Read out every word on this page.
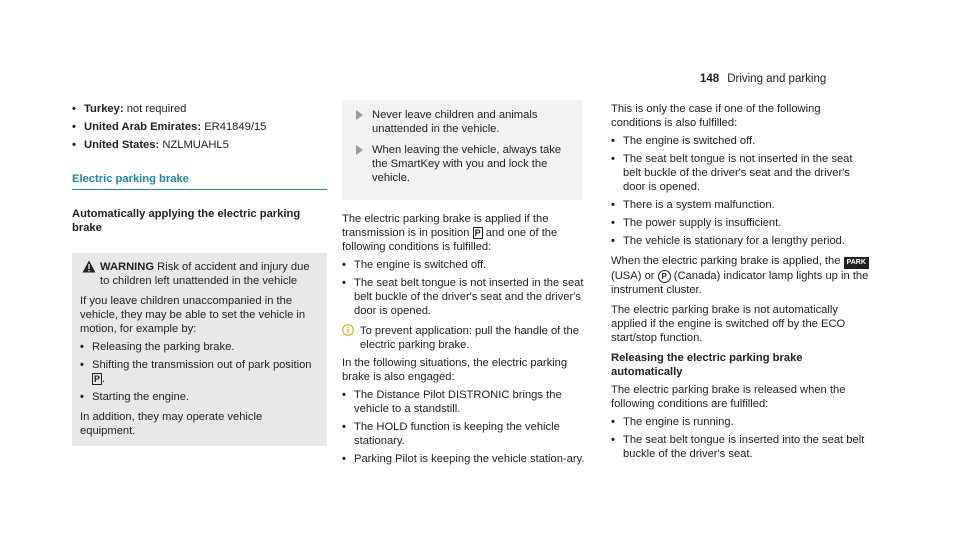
148 Driving and parking
• Turkey: not required
• United Arab Emirates: ER41849/15
• United States: NZLMUAHL5
Electric parking brake
Automatically applying the electric parking brake
WARNING Risk of accident and injury due to children left unattended in the vehicle

If you leave children unaccompanied in the vehicle, they may be able to set the vehicle in motion, for example by:

• Releasing the parking brake.
• Shifting the transmission out of park position P .
• Starting the engine.

In addition, they may operate vehicle equipment.

Never leave children and animals unattended in the vehicle.
When leaving the vehicle, always take the SmartKey with you and lock the vehicle.

The electric parking brake is applied if the transmission is in position P and one of the following conditions is fulfilled:

• The engine is switched off.
• The seat belt tongue is not inserted in the seat belt buckle of the driver's seat and the driver's door is opened.
To prevent application: pull the handle of the electric parking brake.

In the following situations, the electric parking brake is also engaged:

• The Distance Pilot DISTRONIC brings the vehicle to a standstill.
• The HOLD function is keeping the vehicle stationary.
• Parking Pilot is keeping the vehicle station-ary.

This is only the case if one of the following conditions is also fulfilled:

• The engine is switched off.
• The seat belt tongue is not inserted in the seat belt buckle of the driver's seat and the driver's door is opened.
• There is a system malfunction.
• The power supply is insufficient.
• The vehicle is stationary for a lengthy period.

When the electric parking brake is applied, the PARK (USA) or P (Canada) indicator lamp lights up in the instrument cluster.

The electric parking brake is not automatically applied if the engine is switched off by the ECO start/stop function.

Releasing the electric parking brake automatically

The electric parking brake is released when the following conditions are fulfilled:

• The engine is running.
• The seat belt tongue is inserted into the seat belt buckle of the driver's seat.
